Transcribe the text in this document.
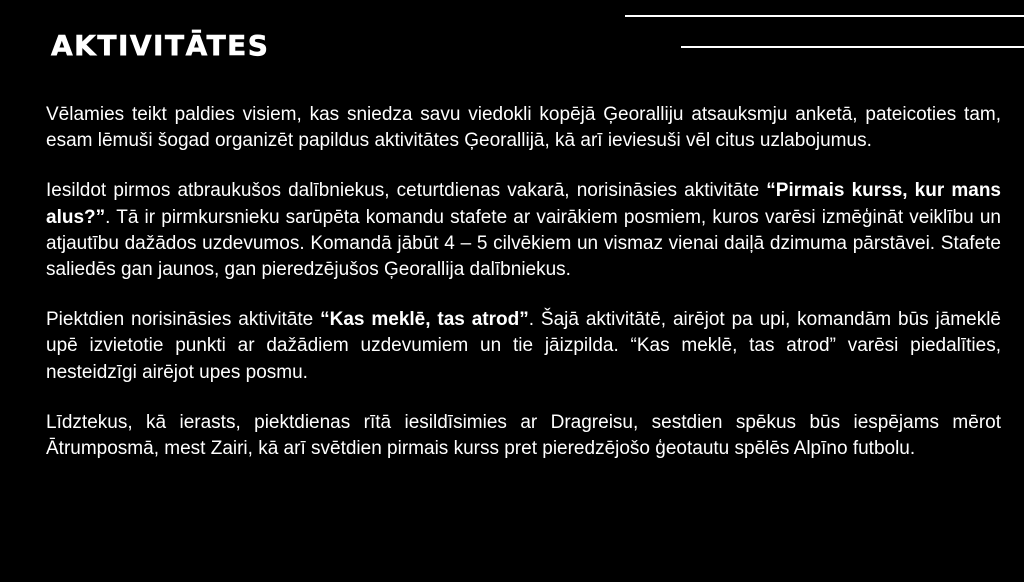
AKTIVITĀTES

Vēlamies teikt paldies visiem, kas sniedza savu viedokli kopējā Ģeoralliju atsauksmju anketā, pateicoties tam, esam lēmuši šogad organizēt papildus aktivitātes Ģeorallijā, kā arī ieviesuši vēl citus uzlabojumus.

Iesildot pirmos atbraukušos dalībniekus, ceturtdienas vakarā, norisināsies aktivitāte “Pirmais kurss, kur mans alus?”. Tā ir pirmkursnieku sarūpēta komandu stafete ar vairākiem posmiem, kuros varēsi izmēģināt veiklību un atjautību dažādos uzdevumos. Komandā jābūt 4 – 5 cilvēkiem un vismaz vienai daiļā dzimuma pārstāvei. Stafete saliedēs gan jaunos, gan pieredzējušos Ģeorallija dalībniekus.

Piektdien norisināsies aktivitāte “Kas meklē, tas atrod”. Šajā aktivitātē, airējot pa upi, komandām būs jāmeklē upē izvietotie punkti ar dažādiem uzdevumiem un tie jāizpilda. “Kas meklē, tas atrod” varēsi piedalīties, nesteidzīgi airējot upes posmu.

Līdztekus, kā ierasts, piektdienas rītā iesildīsimies ar Dragreisu, sestdien spēkus būs iespējams mērot Ātrumposmā, mest Zairi, kā arī svētdien pirmais kurss pret pieredzējošo ģeotautu spēlēs Alpīno futbolu.
